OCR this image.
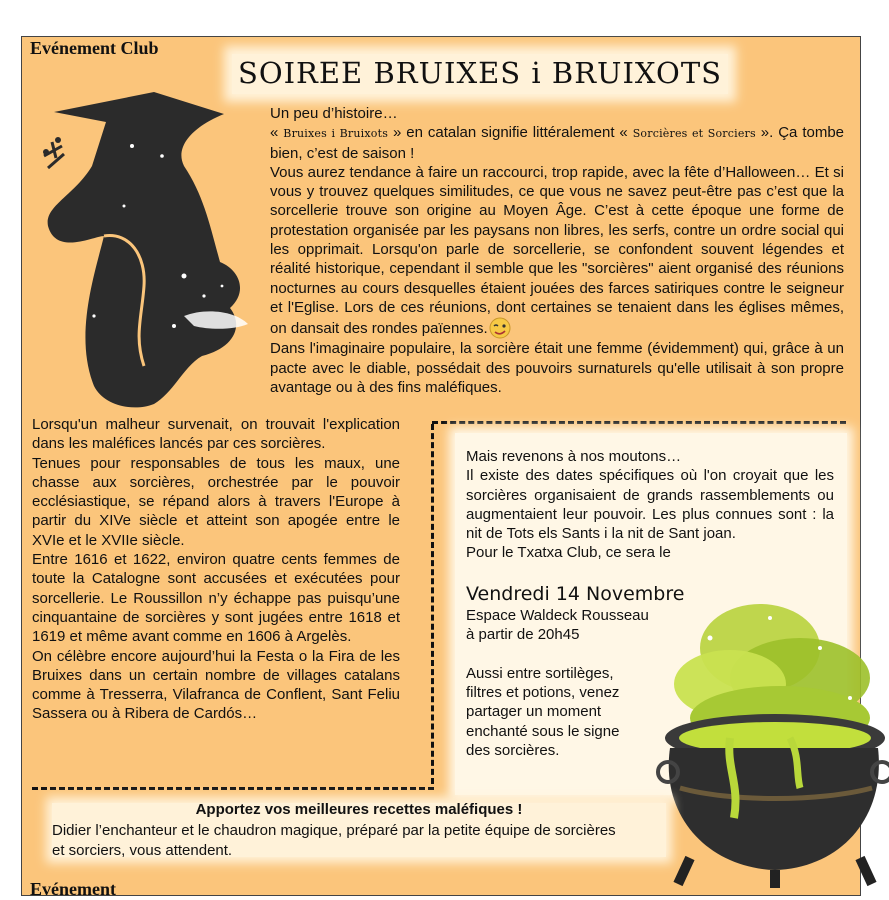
Evénement Club
SOIREE BRUIXES i BRUIXOTS

Un peu d’histoire…

« Bruixes i Bruixots » en catalan signifie littéralement « Sorcières et Sorciers ». Ça tombe bien, c’est de saison !

Vous aurez tendance à faire un raccourci, trop rapide, avec la fête d’Halloween… Et si vous y trouvez quelques similitudes, ce que vous ne savez peut-être pas c’est que la sorcellerie trouve son origine au Moyen Âge. C’est à cette époque une forme de protestation organisée par les paysans non libres, les serfs, contre un ordre social qui les opprimait. Lorsqu'on parle de sorcellerie, se confondent souvent légendes et réalité historique, cependant il semble que les "sorcières" aient organisé des réunions nocturnes au cours desquelles étaient jouées des farces satiriques contre le seigneur et l'Eglise. Lors de ces réunions, dont certaines se tenaient dans les églises mêmes, on dansait des rondes païennes.

Dans l'imaginaire populaire, la sorcière était une femme (évidemment) qui, grâce à un pacte avec le diable, possédait des pouvoirs surnaturels qu'elle utilisait à son propre avantage ou à des fins maléfiques.

Lorsqu'un malheur survenait, on trouvait l'explication dans les maléfices lancés par ces sorcières.

Tenues pour responsables de tous les maux, une chasse aux sorcières, orchestrée par le pouvoir ecclésiastique, se répand alors à travers l'Europe à partir du XIVe siècle et atteint son apogée entre le XVIe et le XVIIe siècle.

Entre 1616 et 1622, environ quatre cents femmes de toute la Catalogne sont accusées et exécutées pour sorcellerie. Le Roussillon n’y échappe pas puisqu’une cinquantaine de sorcières y sont jugées entre 1618 et 1619 et même avant comme en 1606 à Argelès.

On célèbre encore aujourd’hui la Festa o la Fira de les Bruixes dans un certain nombre de villages catalans comme à Tresserra, Vilafranca de Conflent, Sant Feliu Sassera ou à Ribera de Cardós…

Mais revenons à nos moutons…

Il existe des dates spécifiques où l'on croyait que les sorcières organisaient de grands rassemblements ou augmentaient leur pouvoir. Les plus connues sont : la nit de Tots els Sants i la nit de Sant joan.

Pour le Txatxa Club, ce sera le

Vendredi 14 Novembre

Espace Waldeck Rousseau

à partir de 20h45

Aussi entre sortilèges,

filtres et potions, venez

partager un moment

enchanté sous le signe

des sorcières.

Apportez vos meilleures recettes maléfiques !
Didier l’enchanteur et le chaudron magique, préparé par la petite équipe de sorcières et sorciers, vous attendent.
Evénement
